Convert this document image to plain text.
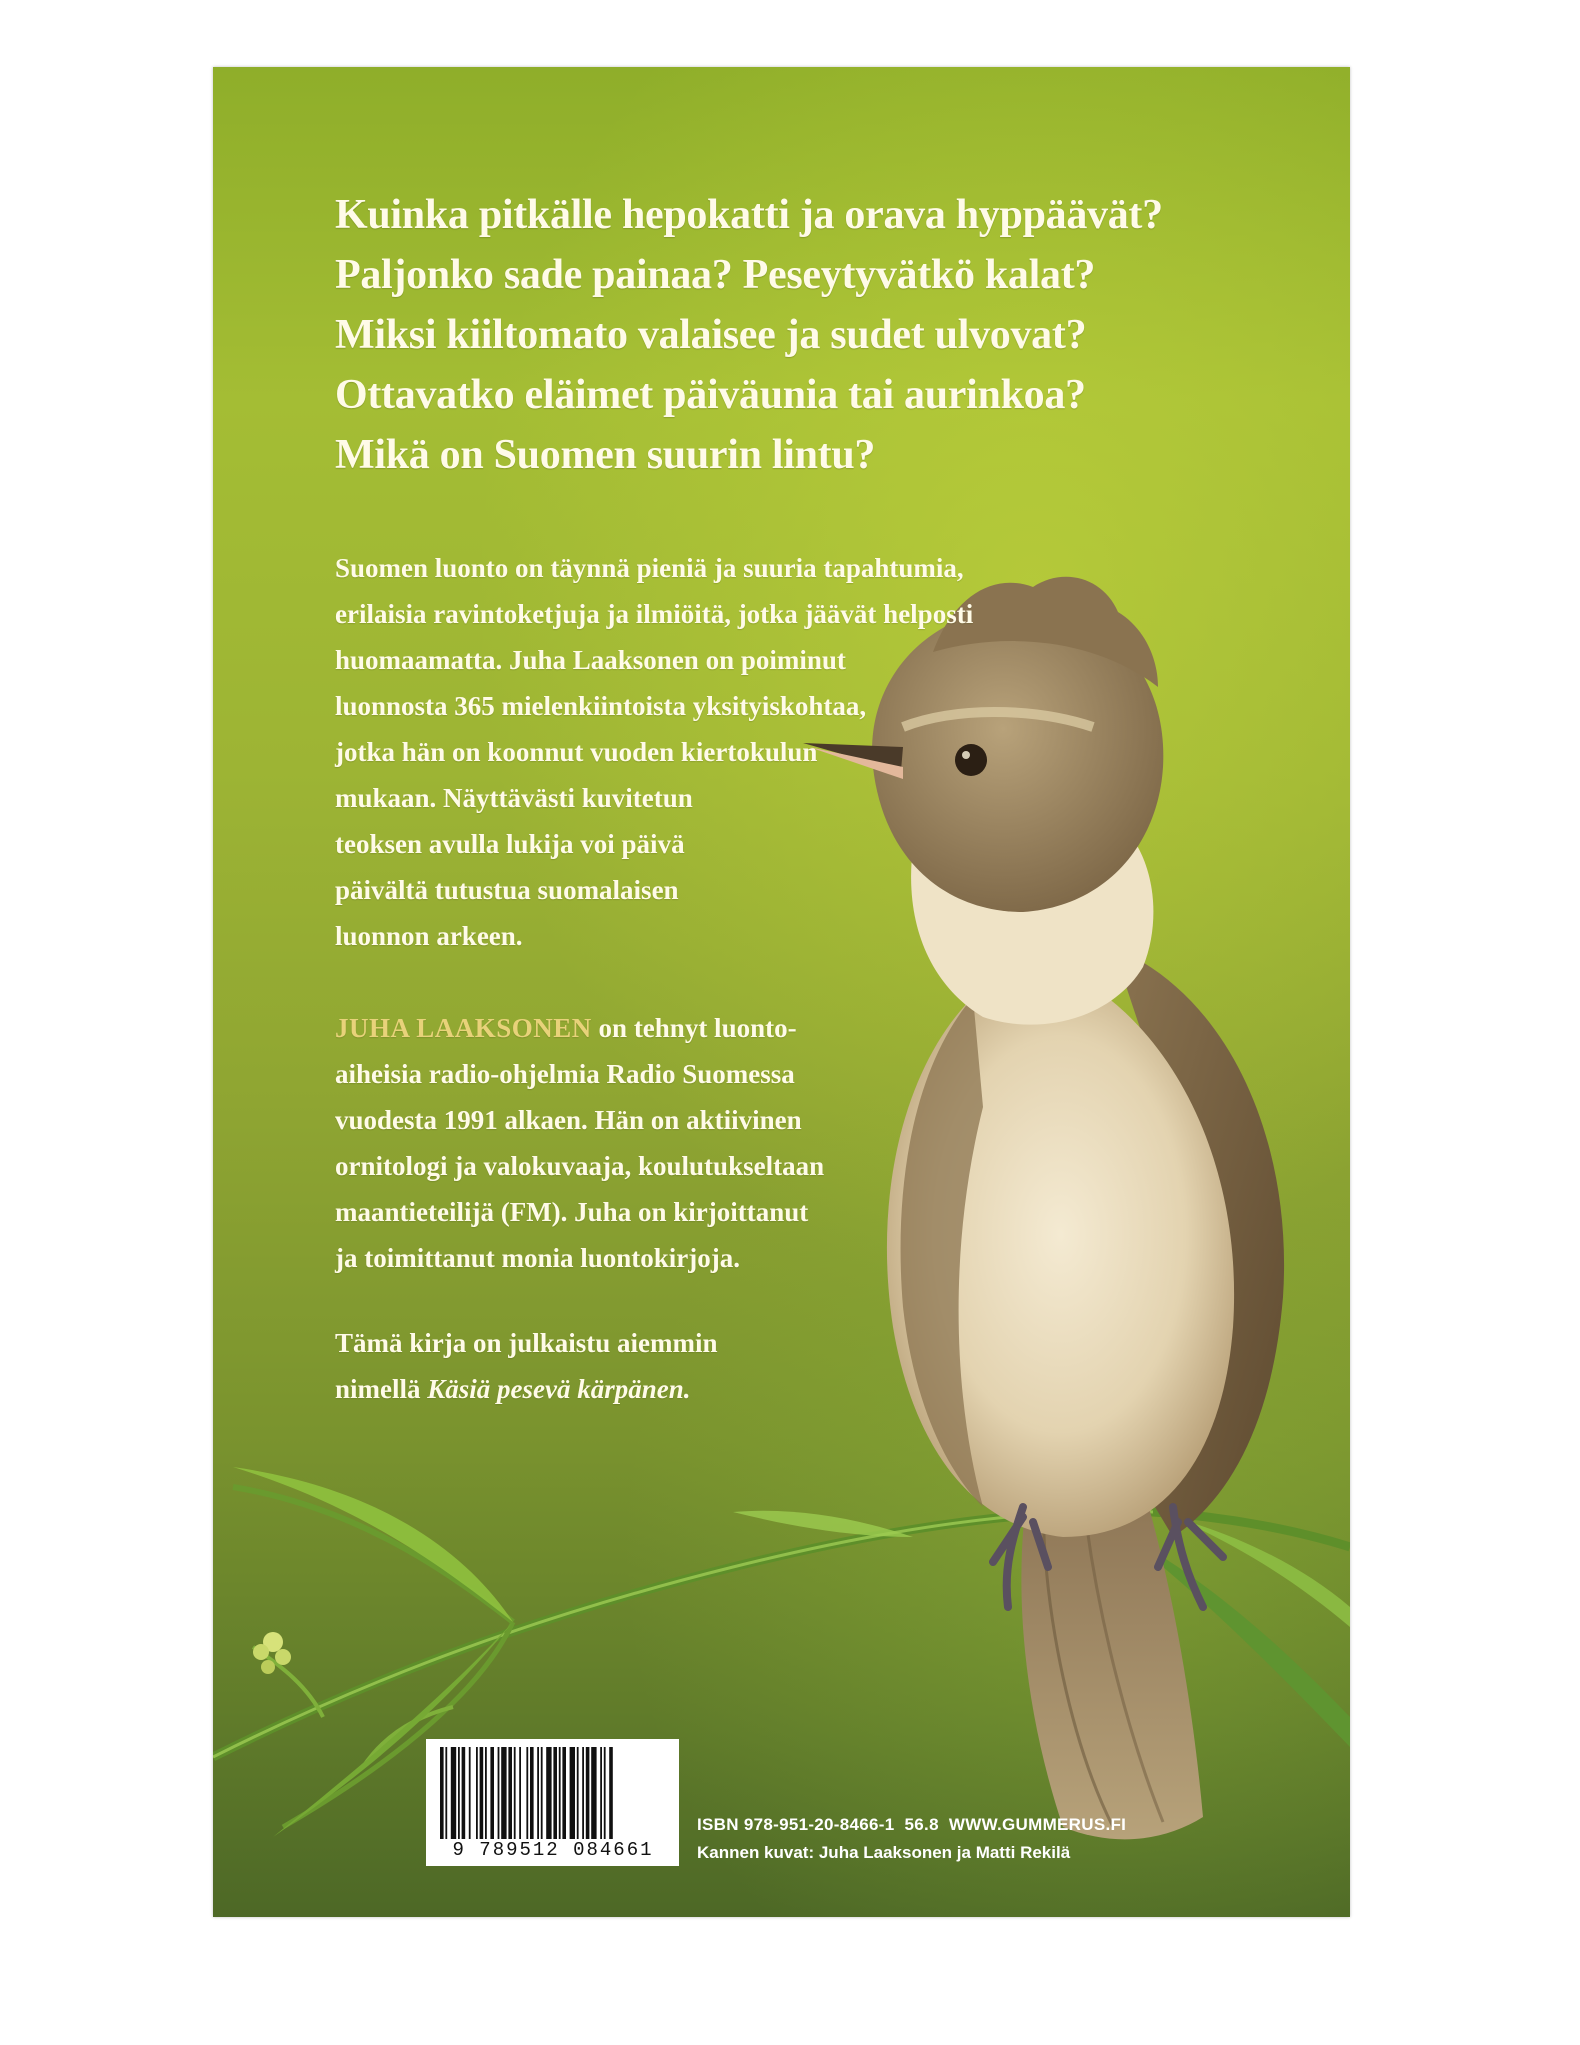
Kuinka pitkälle hepokatti ja orava hyppäävät?
Paljonko sade painaa? Peseytyvätkö kalat?
Miksi kiiltomato valaisee ja sudet ulvovat?
Ottavatko eläimet päiväunia tai aurinkoa?
Mikä on Suomen suurin lintu?
Suomen luonto on täynnä pieniä ja suuria tapahtumia,
erilaisia ravintoketjuja ja ilmiöitä, jotka jäävät helposti
huomaamatta. Juha Laaksonen on poiminut
luonnosta 365 mielenkiintoista yksityiskohtaa,
jotka hän on koonnut vuoden kiertokulun
mukaan. Näyttävästi kuvitetun
teoksen avulla lukija voi päivä
päivältä tutustua suomalaisen
luonnon arkeen.
JUHA LAAKSONEN on tehnyt luonto-
aiheisia radio-ohjelmia Radio Suomessa
vuodesta 1991 alkaen. Hän on aktiivinen
ornitologi ja valokuvaaja, koulutukseltaan
maantieteilijä (FM). Juha on kirjoittanut
ja toimittanut monia luontokirjoja.
Tämä kirja on julkaistu aiemmin
nimellä Käsiä pesevä kärpänen.
9 789512 084661
ISBN 978-951-20-8466-1 56.8 WWW.GUMMERUS.FI
Kannen kuvat: Juha Laaksonen ja Matti Rekilä
